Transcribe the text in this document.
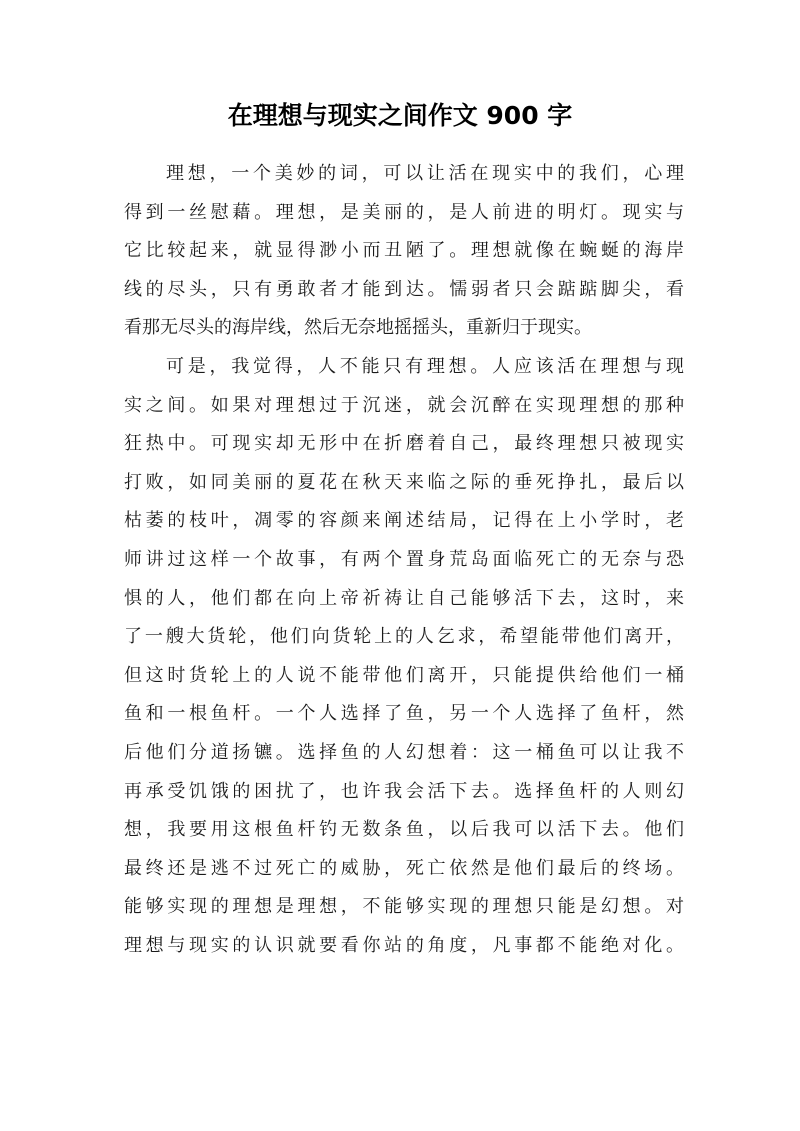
在理想与现实之间作文 900 字

理想，一个美妙的词，可以让活在现实中的我们，心理
得到一丝慰藉。理想，是美丽的，是人前进的明灯。现实与
它比较起来，就显得渺小而丑陋了。理想就像在蜿蜒的海岸
线的尽头，只有勇敢者才能到达。懦弱者只会踮踮脚尖，看
看那无尽头的海岸线，然后无奈地摇摇头，重新归于现实。

可是，我觉得，人不能只有理想。人应该活在理想与现
实之间。如果对理想过于沉迷，就会沉醉在实现理想的那种
狂热中。可现实却无形中在折磨着自己，最终理想只被现实
打败，如同美丽的夏花在秋天来临之际的垂死挣扎，最后以
枯萎的枝叶，凋零的容颜来阐述结局，记得在上小学时，老
师讲过这样一个故事，有两个置身荒岛面临死亡的无奈与恐
惧的人，他们都在向上帝祈祷让自己能够活下去，这时，来
了一艘大货轮，他们向货轮上的人乞求，希望能带他们离开，
但这时货轮上的人说不能带他们离开，只能提供给他们一桶
鱼和一根鱼杆。一个人选择了鱼，另一个人选择了鱼杆，然
后他们分道扬镳。选择鱼的人幻想着：这一桶鱼可以让我不
再承受饥饿的困扰了，也许我会活下去。选择鱼杆的人则幻
想，我要用这根鱼杆钓无数条鱼，以后我可以活下去。他们
最终还是逃不过死亡的威胁，死亡依然是他们最后的终场。
能够实现的理想是理想，不能够实现的理想只能是幻想。对
理想与现实的认识就要看你站的角度，凡事都不能绝对化。
